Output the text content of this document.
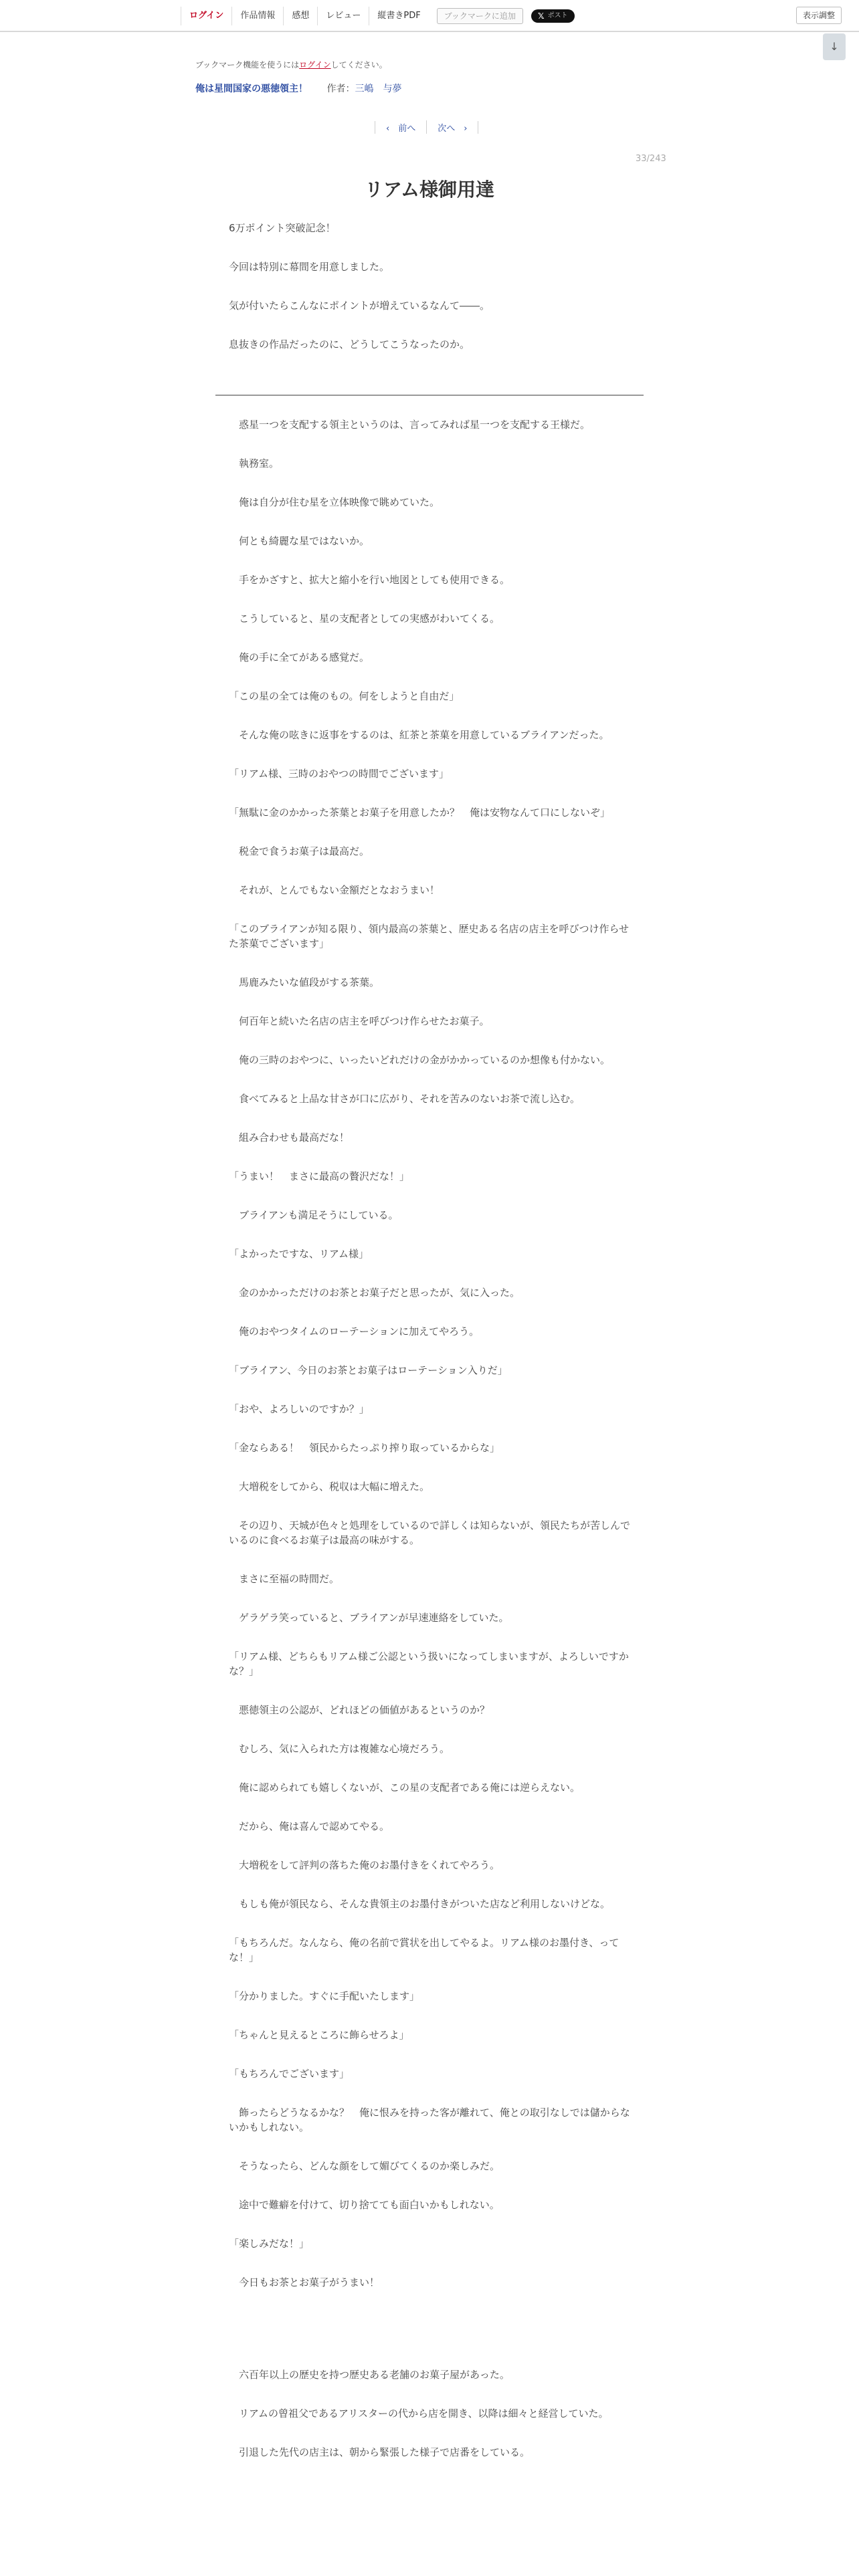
ログイン	作品情報	感想	レビュー	縦書きPDF	ブックマークに追加	𝕏 ポスト	表示調整
↓
ブックマーク機能を使うにはログインしてください。
俺は星間国家の悪徳領主！ 作者：三嶋　与夢
‹　前へ	次へ　›
33/243
リアム様御用達

6万ポイント突破記念！

今回は特別に幕間を用意しました。

気が付いたらこんなにポイントが増えているなんて――。

息抜きの作品だったのに、どうしてこうなったのか。

　惑星一つを支配する領主というのは、言ってみれば星一つを支配する王様だ。

　執務室。

　俺は自分が住む星を立体映像で眺めていた。

　何とも綺麗な星ではないか。

　手をかざすと、拡大と縮小を行い地図としても使用できる。

　こうしていると、星の支配者としての実感がわいてくる。

　俺の手に全てがある感覚だ。

「この星の全ては俺のもの。何をしようと自由だ」

　そんな俺の呟きに返事をするのは、紅茶と茶菓を用意しているブライアンだった。

「リアム様、三時のおやつの時間でございます」

「無駄に金のかかった茶葉とお菓子を用意したか？　俺は安物なんて口にしないぞ」

　税金で食うお菓子は最高だ。

　それが、とんでもない金額だとなおうまい！

「このブライアンが知る限り、領内最高の茶葉と、歴史ある名店の店主を呼びつけ作らせた茶菓でございます」

　馬鹿みたいな値段がする茶葉。

　何百年と続いた名店の店主を呼びつけ作らせたお菓子。

　俺の三時のおやつに、いったいどれだけの金がかかっているのか想像も付かない。

　食べてみると上品な甘さが口に広がり、それを苦みのないお茶で流し込む。

　組み合わせも最高だな！

「うまい！　まさに最高の贅沢だな！」

　ブライアンも満足そうにしている。

「よかったですな、リアム様」

　金のかかっただけのお茶とお菓子だと思ったが、気に入った。

　俺のおやつタイムのローテーションに加えてやろう。

「ブライアン、今日のお茶とお菓子はローテーション入りだ」

「おや、よろしいのですか？」

「金ならある！　領民からたっぷり搾り取っているからな」

　大増税をしてから、税収は大幅に増えた。

　その辺り、天城が色々と処理をしているので詳しくは知らないが、領民たちが苦しんでいるのに食べるお菓子は最高の味がする。

　まさに至福の時間だ。

　ゲラゲラ笑っていると、ブライアンが早速連絡をしていた。

「リアム様、どちらもリアム様ご公認という扱いになってしまいますが、よろしいですかな？」

　悪徳領主の公認が、どれほどの価値があるというのか？

　むしろ、気に入られた方は複雑な心境だろう。

　俺に認められても嬉しくないが、この星の支配者である俺には逆らえない。

　だから、俺は喜んで認めてやる。

　大増税をして評判の落ちた俺のお墨付きをくれてやろう。

　もしも俺が領民なら、そんな貴領主のお墨付きがついた店など利用しないけどな。

「もちろんだ。なんなら、俺の名前で賞状を出してやるよ。リアム様のお墨付き、ってな！」

「分かりました。すぐに手配いたします」

「ちゃんと見えるところに飾らせろよ」

「もちろんでございます」

　飾ったらどうなるかな？　俺に恨みを持った客が離れて、俺との取引なしでは儲からないかもしれない。

　そうなったら、どんな顔をして媚びてくるのか楽しみだ。

　途中で難癖を付けて、切り捨てても面白いかもしれない。

「楽しみだな！」

　今日もお茶とお菓子がうまい！

　六百年以上の歴史を持つ歴史ある老舗のお菓子屋があった。

　リアムの曾祖父であるアリスターの代から店を開き、以降は細々と経営していた。

　引退した先代の店主は、朝から緊張した様子で店番をしている。
